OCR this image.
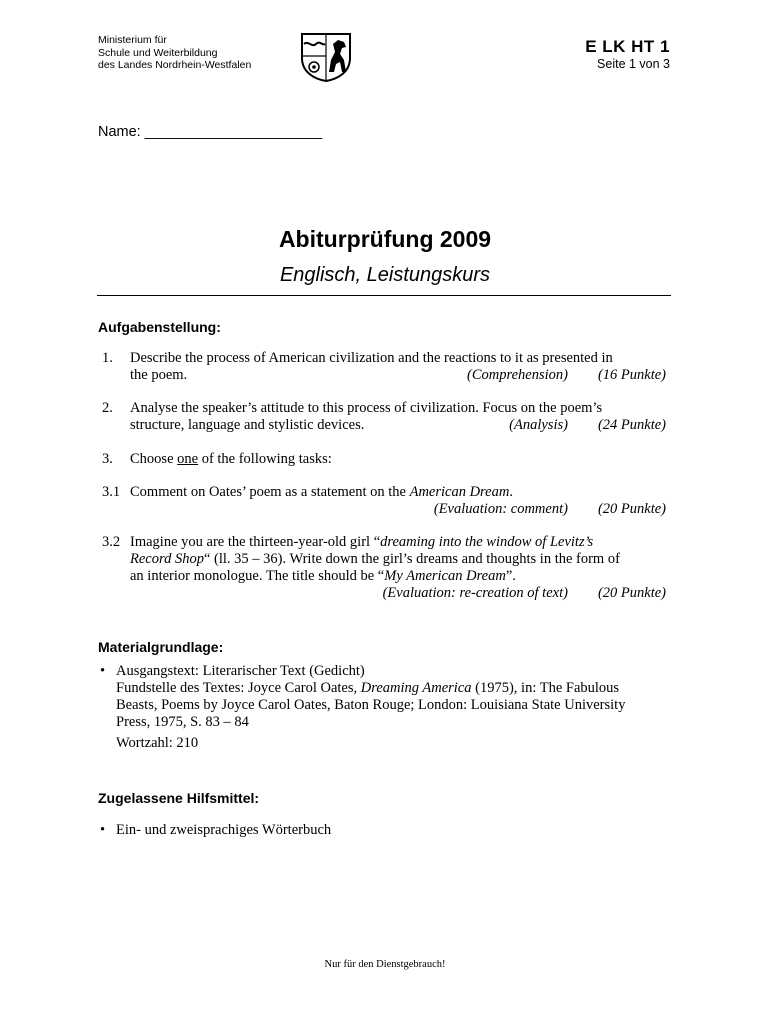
Ministerium für
Schule und Weiterbildung
des Landes Nordrhein-Westfalen
E LK HT 1
Seite 1 von 3
Name: ______________________
Abiturprüfung 2009
Englisch, Leistungskurs
Aufgabenstellung:
1. Describe the process of American civilization and the reactions to it as presented in
the poem.	(Comprehension) (16 Punkte)
2. Analyse the speaker’s attitude to this process of civilization. Focus on the poem’s
structure, language and stylistic devices.	(Analysis) (24 Punkte)
3. Choose one of the following tasks:
3.1 Comment on Oates’ poem as a statement on the American Dream.
(Evaluation: comment) (20 Punkte)
3.2 Imagine you are the thirteen-year-old girl “dreaming into the window of Levitz’s
Record Shop“ (ll. 35 – 36). Write down the girl’s dreams and thoughts in the form of
an interior monologue. The title should be “My American Dream”.
(Evaluation: re-creation of text) (20 Punkte)
Materialgrundlage:
• Ausgangstext: Literarischer Text (Gedicht)
Fundstelle des Textes: Joyce Carol Oates, Dreaming America (1975), in: The Fabulous
Beasts, Poems by Joyce Carol Oates, Baton Rouge; London: Louisiana State University
Press, 1975, S. 83 – 84
Wortzahl: 210
Zugelassene Hilfsmittel:
• Ein- und zweisprachiges Wörterbuch
Nur für den Dienstgebrauch!
